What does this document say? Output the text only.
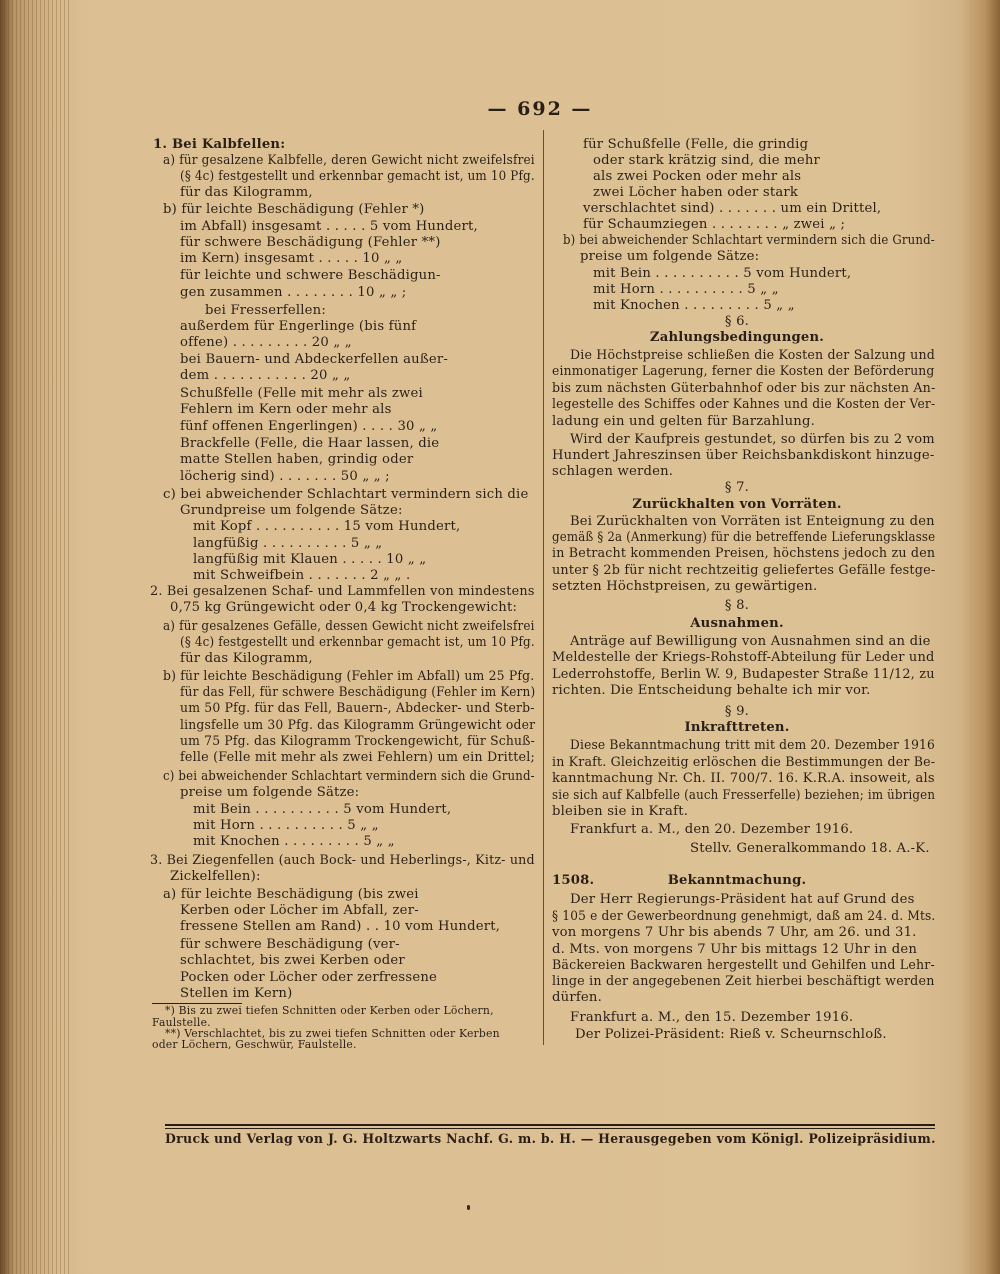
— 692 —
1. Bei Kalbfellen:
a) für gesalzene Kalbfelle, deren Gewicht nicht zweifelsfrei
(§ 4c) festgestellt und erkennbar gemacht ist, um 10 Pfg.
für das Kilogramm,
b) für leichte Beschädigung (Fehler *)
im Abfall) insgesamt . . . . . 5 vom Hundert,
für schwere Beschädigung (Fehler **)
im Kern) insgesamt . . . . . 10 „ „
für leichte und schwere Beschädigun-
gen zusammen . . . . . . . . 10 „ „ ;
bei Fresserfellen:
außerdem für Engerlinge (bis fünf
offene) . . . . . . . . . 20 „ „
bei Bauern- und Abdeckerfellen außer-
dem . . . . . . . . . . . 20 „ „
Schußfelle (Felle mit mehr als zwei
Fehlern im Kern oder mehr als
fünf offenen Engerlingen) . . . . 30 „ „
Brackfelle (Felle, die Haar lassen, die
matte Stellen haben, grindig oder
löcherig sind) . . . . . . . 50 „ „ ;
c) bei abweichender Schlachtart vermindern sich die
Grundpreise um folgende Sätze:
mit Kopf . . . . . . . . . . 15 vom Hundert,
langfüßig . . . . . . . . . . 5 „ „
langfüßig mit Klauen . . . . . 10 „ „
mit Schweifbein . . . . . . . 2 „ „ .
2. Bei gesalzenen Schaf- und Lammfellen von mindestens
0,75 kg Grüngewicht oder 0,4 kg Trockengewicht:
a) für gesalzenes Gefälle, dessen Gewicht nicht zweifelsfrei
(§ 4c) festgestellt und erkennbar gemacht ist, um 10 Pfg.
für das Kilogramm,
b) für leichte Beschädigung (Fehler im Abfall) um 25 Pfg.
für das Fell, für schwere Beschädigung (Fehler im Kern)
um 50 Pfg. für das Fell, Bauern-, Abdecker- und Sterb-
lingsfelle um 30 Pfg. das Kilogramm Grüngewicht oder
um 75 Pfg. das Kilogramm Trockengewicht, für Schuß-
felle (Felle mit mehr als zwei Fehlern) um ein Drittel;
c) bei abweichender Schlachtart vermindern sich die Grund-
preise um folgende Sätze:
mit Bein . . . . . . . . . . 5 vom Hundert,
mit Horn . . . . . . . . . . 5 „ „
mit Knochen . . . . . . . . . 5 „ „
3. Bei Ziegenfellen (auch Bock- und Heberlings-, Kitz- und
Zickelfellen):
a) für leichte Beschädigung (bis zwei
Kerben oder Löcher im Abfall, zer-
fressene Stellen am Rand) . . 10 vom Hundert,
für schwere Beschädigung (ver-
schlachtet, bis zwei Kerben oder
Pocken oder Löcher oder zerfressene
Stellen im Kern)
für Schußfelle (Felle, die grindig
oder stark krätzig sind, die mehr
als zwei Pocken oder mehr als
zwei Löcher haben oder stark
verschlachtet sind) . . . . . . . um ein Drittel,
für Schaumziegen . . . . . . . . „ zwei „ ;
b) bei abweichender Schlachtart vermindern sich die Grund-
preise um folgende Sätze:
mit Bein . . . . . . . . . . 5 vom Hundert,
mit Horn . . . . . . . . . . 5 „ „
mit Knochen . . . . . . . . . 5 „ „
§ 6.
Zahlungsbedingungen.
Die Höchstpreise schließen die Kosten der Salzung und
einmonatiger Lagerung, ferner die Kosten der Beförderung
bis zum nächsten Güterbahnhof oder bis zur nächsten An-
legestelle des Schiffes oder Kahnes und die Kosten der Ver-
ladung ein und gelten für Barzahlung.
Wird der Kaufpreis gestundet, so dürfen bis zu 2 vom
Hundert Jahreszinsen über Reichsbankdiskont hinzuge-
schlagen werden.
§ 7.
Zurückhalten von Vorräten.
Bei Zurückhalten von Vorräten ist Enteignung zu den
gemäß § 2a (Anmerkung) für die betreffende Lieferungsklasse
in Betracht kommenden Preisen, höchstens jedoch zu den
unter § 2b für nicht rechtzeitig geliefertes Gefälle festge-
setzten Höchstpreisen, zu gewärtigen.
§ 8.
Ausnahmen.
Anträge auf Bewilligung von Ausnahmen sind an die
Meldestelle der Kriegs-Rohstoff-Abteilung für Leder und
Lederrohstoffe, Berlin W. 9, Budapester Straße 11/12, zu
richten. Die Entscheidung behalte ich mir vor.
§ 9.
Inkrafttreten.
Diese Bekanntmachung tritt mit dem 20. Dezember 1916
in Kraft. Gleichzeitig erlöschen die Bestimmungen der Be-
kanntmachung Nr. Ch. II. 700/7. 16. K.R.A. insoweit, als
sie sich auf Kalbfelle (auch Fresserfelle) beziehen; im übrigen
bleiben sie in Kraft.
Frankfurt a. M., den 20. Dezember 1916.
Stellv. Generalkommando 18. A.-K.
1508.	Bekanntmachung.
Der Herr Regierungs-Präsident hat auf Grund des
§ 105 e der Gewerbeordnung genehmigt, daß am 24. d. Mts.
von morgens 7 Uhr bis abends 7 Uhr, am 26. und 31.
d. Mts. von morgens 7 Uhr bis mittags 12 Uhr in den
Bäckereien Backwaren hergestellt und Gehilfen und Lehr-
linge in der angegebenen Zeit hierbei beschäftigt werden
dürfen.
Frankfurt a. M., den 15. Dezember 1916.
Der Polizei-Präsident: Rieß v. Scheurnschloß.
*) Bis zu zwei tiefen Schnitten oder Kerben oder Löchern,
Faulstelle.
**) Verschlachtet, bis zu zwei tiefen Schnitten oder Kerben
oder Löchern, Geschwür, Faulstelle.
Druck und Verlag von J. G. Holtzwarts Nachf. G. m. b. H. — Herausgegeben vom Königl. Polizeipräsidium.
